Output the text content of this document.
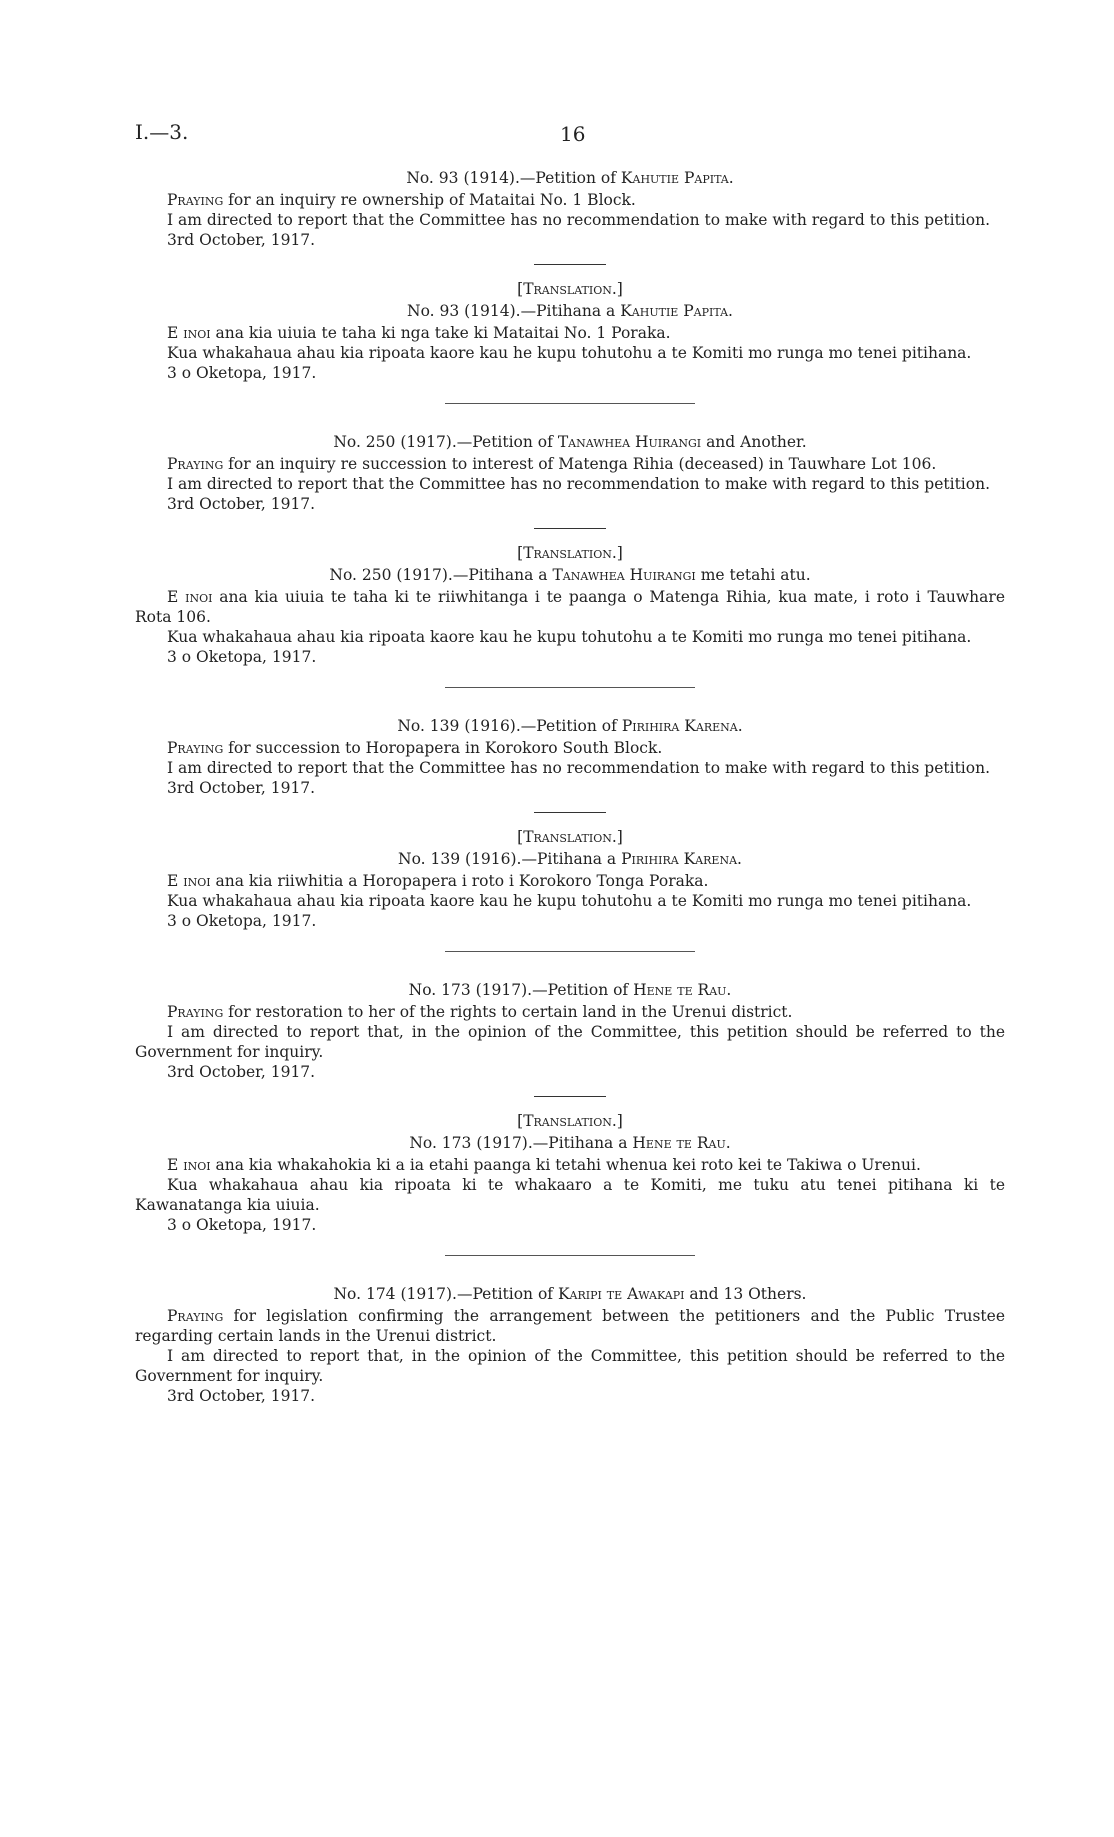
I.—3.	16

No. 93 (1914).—Petition of Kahutie Papita.

Praying for an inquiry re ownership of Mataitai No. 1 Block.

I am directed to report that the Committee has no recommendation to make with regard to this petition.

3rd October, 1917.

[Translation.]

No. 93 (1914).—Pitihana a Kahutie Papita.

E inoi ana kia uiuia te taha ki nga take ki Mataitai No. 1 Poraka.

Kua whakahaua ahau kia ripoata kaore kau he kupu tohutohu a te Komiti mo runga mo tenei pitihana.

3 o Oketopa, 1917.

No. 250 (1917).—Petition of Tanawhea Huirangi and Another.

Praying for an inquiry re succession to interest of Matenga Rihia (deceased) in Tauwhare Lot 106.

I am directed to report that the Committee has no recommendation to make with regard to this petition.

3rd October, 1917.

[Translation.]

No. 250 (1917).—Pitihana a Tanawhea Huirangi me tetahi atu.

E inoi ana kia uiuia te taha ki te riiwhitanga i te paanga o Matenga Rihia, kua mate, i roto i Tauwhare Rota 106.

Kua whakahaua ahau kia ripoata kaore kau he kupu tohutohu a te Komiti mo runga mo tenei pitihana.

3 o Oketopa, 1917.

No. 139 (1916).—Petition of Pirihira Karena.

Praying for succession to Horopapera in Korokoro South Block.

I am directed to report that the Committee has no recommendation to make with regard to this petition.

3rd October, 1917.

[Translation.]

No. 139 (1916).—Pitihana a Pirihira Karena.

E inoi ana kia riiwhitia a Horopapera i roto i Korokoro Tonga Poraka.

Kua whakahaua ahau kia ripoata kaore kau he kupu tohutohu a te Komiti mo runga mo tenei pitihana.

3 o Oketopa, 1917.

No. 173 (1917).—Petition of Hene te Rau.

Praying for restoration to her of the rights to certain land in the Urenui district.

I am directed to report that, in the opinion of the Committee, this petition should be referred to the Government for inquiry.

3rd October, 1917.

[Translation.]

No. 173 (1917).—Pitihana a Hene te Rau.

E inoi ana kia whakahokia ki a ia etahi paanga ki tetahi whenua kei roto kei te Takiwa o Urenui.

Kua whakahaua ahau kia ripoata ki te whakaaro a te Komiti, me tuku atu tenei pitihana ki te Kawanatanga kia uiuia.

3 o Oketopa, 1917.

No. 174 (1917).—Petition of Karipi te Awakapi and 13 Others.

Praying for legislation confirming the arrangement between the petitioners and the Public Trustee regarding certain lands in the Urenui district.

I am directed to report that, in the opinion of the Committee, this petition should be referred to the Government for inquiry.

3rd October, 1917.
